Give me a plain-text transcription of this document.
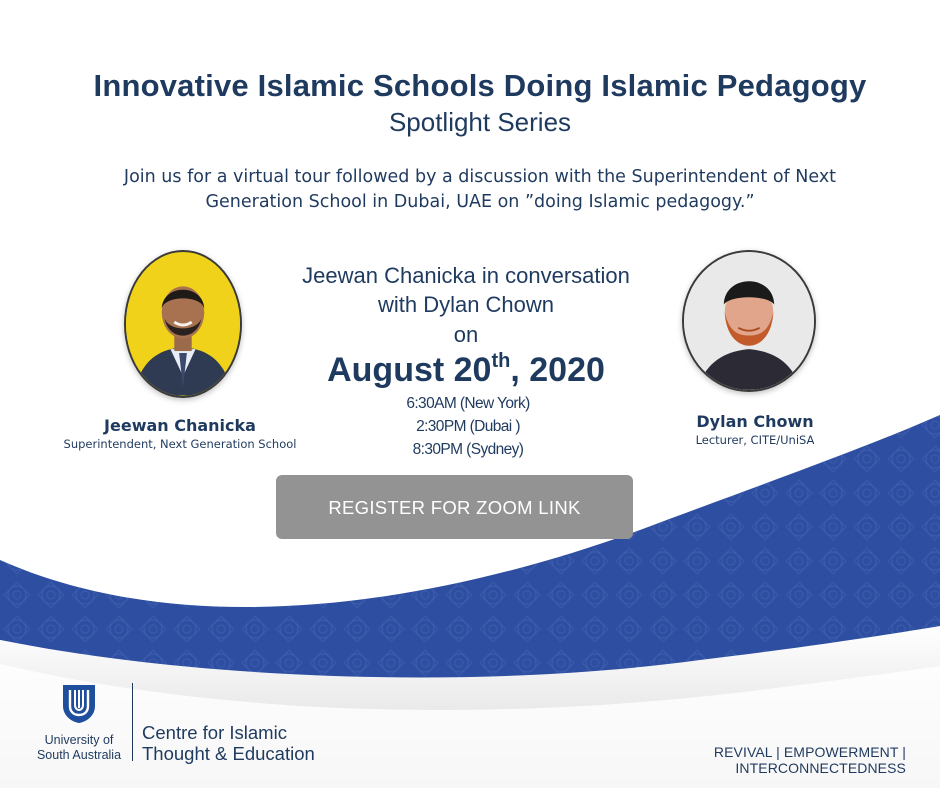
Innovative Islamic Schools Doing Islamic Pedagogy
Spotlight Series
Join us for a virtual tour followed by a discussion with the Superintendent of Next
Generation School in Dubai, UAE on ”doing Islamic pedagogy.”
Jeewan Chanicka
Superintendent, Next Generation School
Dylan Chown
Lecturer, CITE/UniSA
Jeewan Chanicka in conversation
with Dylan Chown
on
August 20th, 2020
6:30AM (New York)
2:30PM (Dubai )
8:30PM (Sydney)
REGISTER FOR ZOOM LINK
University of
South Australia
Centre for Islamic
Thought & Education	REVIVAL | EMPOWERMENT | INTERCONNECTEDNESS
